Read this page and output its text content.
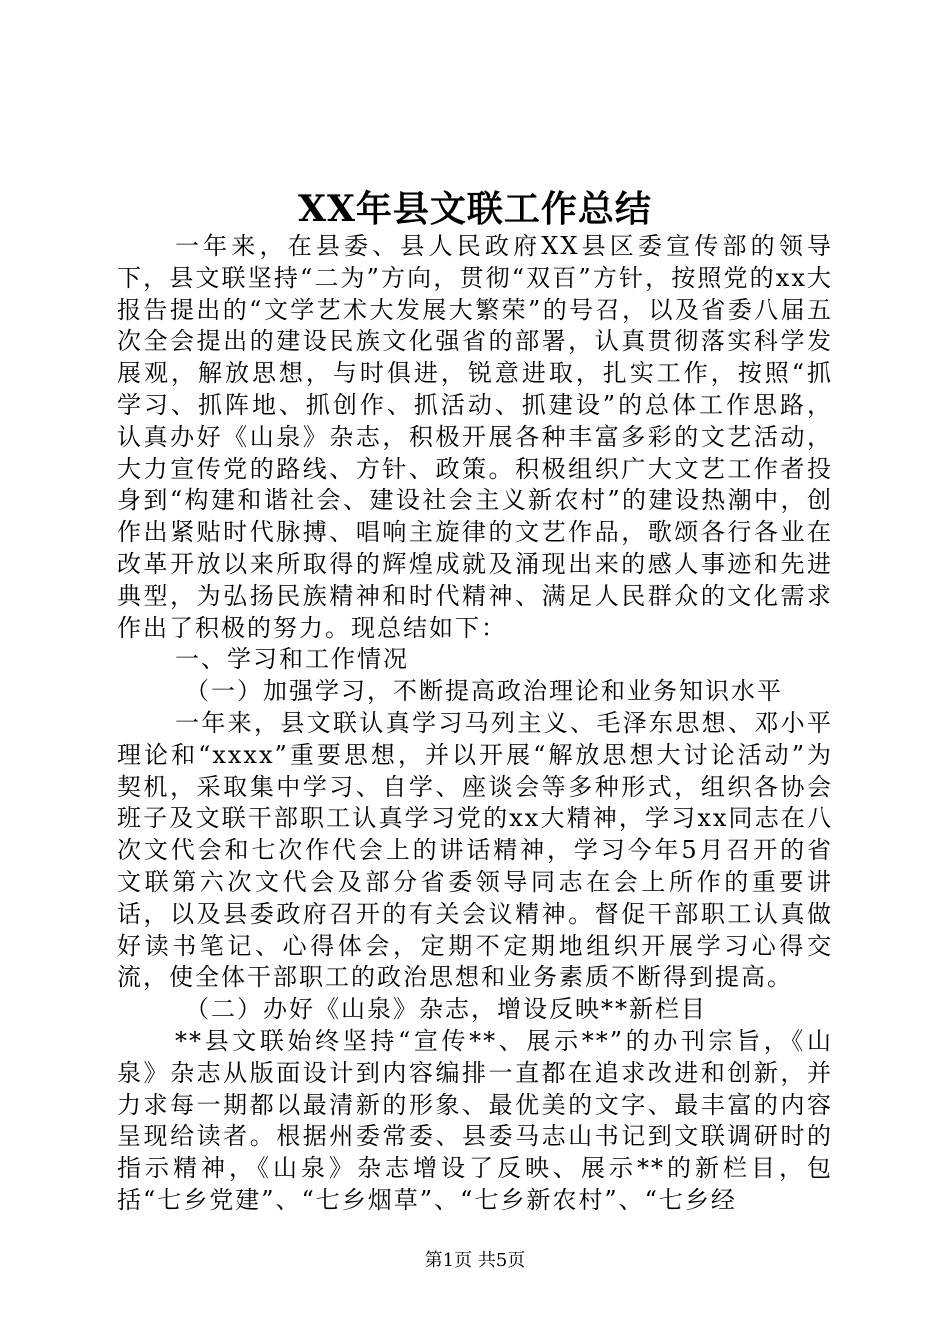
XX年县文联工作总结

一年来，在县委、县人民政府XX县区委宣传部的领导下，县文联坚持“二为”方向，贯彻“双百”方针，按照党的xx大报告提出的“文学艺术大发展大繁荣”的号召，以及省委八届五次全会提出的建设民族文化强省的部署，认真贯彻落实科学发展观，解放思想，与时俱进，锐意进取，扎实工作，按照“抓学习、抓阵地、抓创作、抓活动、抓建设”的总体工作思路，认真办好《山泉》杂志，积极开展各种丰富多彩的文艺活动，大力宣传党的路线、方针、政策。积极组织广大文艺工作者投身到“构建和谐社会、建设社会主义新农村”的建设热潮中，创作出紧贴时代脉搏、唱响主旋律的文艺作品，歌颂各行各业在改革开放以来所取得的辉煌成就及涌现出来的感人事迹和先进典型，为弘扬民族精神和时代精神、满足人民群众的文化需求作出了积极的努力。现总结如下：

一、学习和工作情况

（一）加强学习，不断提高政治理论和业务知识水平

一年来，县文联认真学习马列主义、毛泽东思想、邓小平理论和“xxxx”重要思想，并以开展“解放思想大讨论活动”为契机，采取集中学习、自学、座谈会等多种形式，组织各协会班子及文联干部职工认真学习党的xx大精神，学习xx同志在八次文代会和七次作代会上的讲话精神，学习今年5月召开的省文联第六次文代会及部分省委领导同志在会上所作的重要讲话，以及县委政府召开的有关会议精神。督促干部职工认真做好读书笔记、心得体会，定期不定期地组织开展学习心得交流，使全体干部职工的政治思想和业务素质不断得到提高。

（二）办好《山泉》杂志，增设反映**新栏目

**县文联始终坚持“宣传**、展示**”的办刊宗旨，《山泉》杂志从版面设计到内容编排一直都在追求改进和创新，并力求每一期都以最清新的形象、最优美的文字、最丰富的内容呈现给读者。根据州委常委、县委马志山书记到文联调研时的指示精神，《山泉》杂志增设了反映、展示**的新栏目，包括“七乡党建”、“七乡烟草”、“七乡新农村”、“七乡经

第1页 共5页
